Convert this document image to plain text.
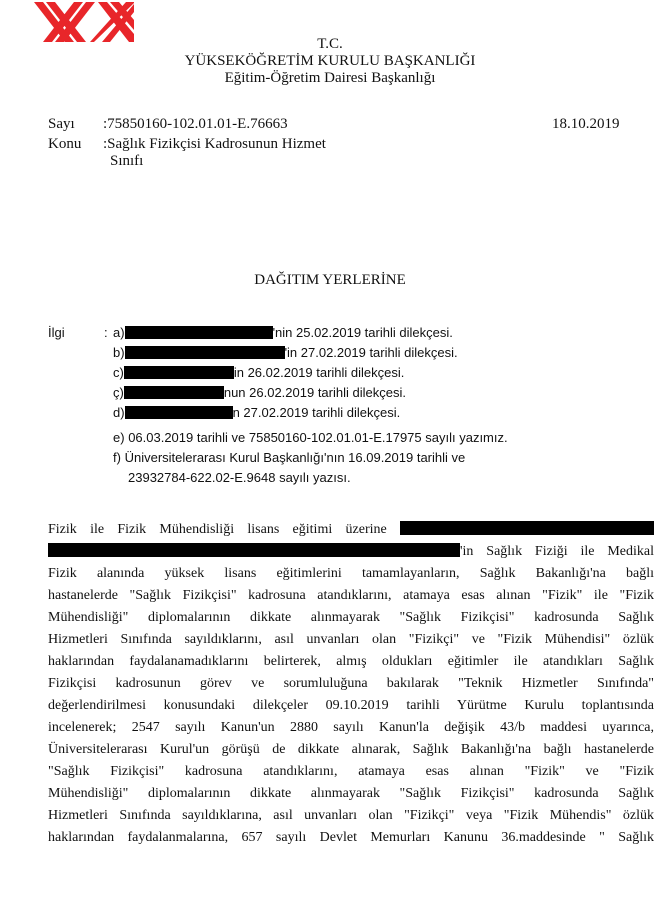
T.C.
YÜKSEKÖĞRETİM KURULU BAŞKANLIĞI
Eğitim-Öğretim Dairesi Başkanlığı
Sayı :75850160-102.01.01-E.76663	18.10.2019
Konu :Sağlık Fizikçisi Kadrosunun Hizmet
Sınıfı
DAĞITIM YERLERİNE
İlgi	: a)	'nin 25.02.2019 tarihli dilekçesi.
b)	'in 27.02.2019 tarihli dilekçesi.
c)	in 26.02.2019 tarihli dilekçesi.
ç)	nun 26.02.2019 tarihli dilekçesi.
d)	n 27.02.2019 tarihli dilekçesi.
e) 06.03.2019 tarihli ve 75850160-102.01.01-E.17975 sayılı yazımız.
f) Üniversitelerarası Kurul Başkanlığı'nın 16.09.2019 tarihli ve
23932784-622.02-E.9648 sayılı yazısı.
Fizik ile Fizik Mühendisliği lisans eğitimi üzerine
'in Sağlık Fiziği ile Medikal
Fizik alanında yüksek lisans eğitimlerini tamamlayanların, Sağlık Bakanlığı'na bağlı
hastanelerde "Sağlık Fizikçisi" kadrosuna atandıklarını, atamaya esas alınan "Fizik" ile "Fizik
Mühendisliği" diplomalarının dikkate alınmayarak "Sağlık Fizikçisi" kadrosunda Sağlık
Hizmetleri Sınıfında sayıldıklarını, asıl unvanları olan "Fizikçi" ve "Fizik Mühendisi" özlük
haklarından faydalanamadıklarını belirterek, almış oldukları eğitimler ile atandıkları Sağlık
Fizikçisi kadrosunun görev ve sorumluluğuna bakılarak "Teknik Hizmetler Sınıfında"
değerlendirilmesi konusundaki dilekçeler 09.10.2019 tarihli Yürütme Kurulu toplantısında
incelenerek; 2547 sayılı Kanun'un 2880 sayılı Kanun'la değişik 43/b maddesi uyarınca,
Üniversitelerarası Kurul'un görüşü de dikkate alınarak, Sağlık Bakanlığı'na bağlı hastanelerde
"Sağlık Fizikçisi" kadrosuna atandıklarını, atamaya esas alınan "Fizik" ve "Fizik
Mühendisliği" diplomalarının dikkate alınmayarak "Sağlık Fizikçisi" kadrosunda Sağlık
Hizmetleri Sınıfında sayıldıklarına, asıl unvanları olan "Fizikçi" veya "Fizik Mühendis" özlük
haklarından faydalanmalarına, 657 sayılı Devlet Memurları Kanunu 36.maddesinde " Sağlık
